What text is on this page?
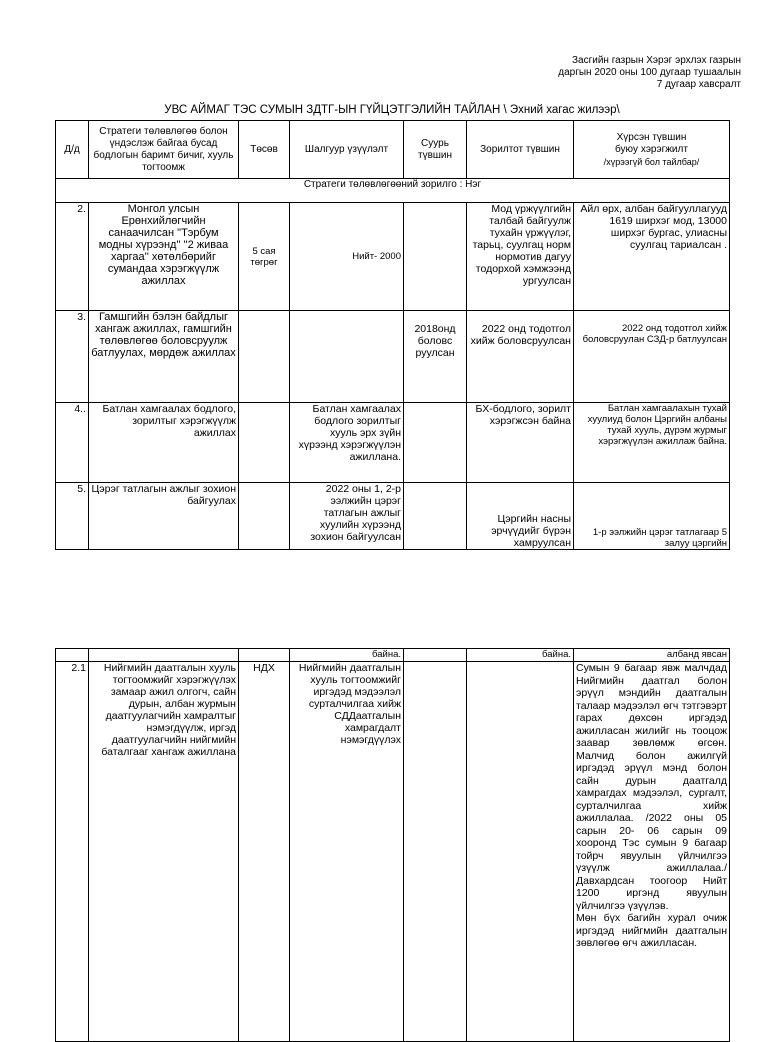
Засгийн газрын Хэрэг эрхлэх газрын
даргын 2020 оны 100 дугаар тушаалын
7 дугаар хавсралт
УВС АЙМАГ ТЭС СУМЫН ЗДТГ-ЫН ГҮЙЦЭТГЭЛИЙН ТАЙЛАН \ Эхний хагас жилээр\
Д/д	Стратеги төлөвлөгөө болон үндэслэж байгаа бусад бодлогын баримт бичиг, хууль тогтоомж	Төсөв	Шалгуур үзүүлэлт	Суурь түвшин	Зорилтот түвшин	Хүрсэн түвшин
буюу хэрэгжилт
/хүрээгүй бол тайлбар/

Стратеги төлөвлөгөөний зорилго : Нэг						
2.	Монгол улсын Ерөнхийлөгчийн санаачилсан "Тэрбум модны хүрээнд" ''2 живаа харгаа'' хөтөлбөрийг сумандаа хэрэгжүүлж ажиллах	5 сая төгрөг	Нийт- 2000		Мод үржүүлгийн талбай байгуулж тухайн үржүүлэг, тарьц, суулгац норм нормотив дагуу тодорхой хэмжээнд ургуулсан	Айл өрх, албан байгууллагууд 1619 ширхэг мод, 13000 ширхэг бургас, улиасны суулгац тариалсан .
3.	Гамшгийн бэлэн байдлыг хангаж ажиллах, гамшгийн төлөвлөгөө боловсруулж батлуулах, мөрдөж ажиллах			2018онд боловс руулсан	2022 онд тодотгол хийж боловсруулсан	2022 онд тодотгол хийж боловсруулан СЗД-р батлуулсан
4..	Батлан хамгаалах бодлого, зорилтыг хэрэгжүүлж ажиллах		Батлан хамгаалах бодлого зорилтыг хууль эрх зүйн хүрээнд хэрэгжүүлэн ажиллана.		БХ-бодлого, зорилт хэрэгжсэн байна	Батлан хамгаалахын тухай хуулиуд болон Цэргийн албаны тухай хууль, дүрэм журмыг хэрэгжүүлэн ажиллаж байна.
5.	Цэрэг татлагын ажлыг зохион байгуулах		2022 оны 1, 2-р ээлжийн цэрэг татлагын ажлыг хуулийн хүрээнд зохион байгуулсан		Цэргийн насны эрчүүдийг бүрэн хамруулсан	1-р ээлжийн цэрэг татлагаар 5 залуу цэргийн
			байна.		байна.	албанд явсан
2.1	Нийгмийн даатгалын хууль тогтоомжийг хэрэгжүүлэх замаар ажил олгогч, сайн дурын, албан журмын даатгуулагчийн хамралтыг нэмэгдүүлж, иргэд даатгуулагчийн нийгмийн баталгааг хангаж ажиллана	НДХ	Нийгмийн даатгалын хууль тогтоомжийг иргэдэд мэдээлэл сурталчилгаа хийж СДДаатгалын хамрагдалт нэмэгдүүлэх			Сумын 9 багаар явж малчдад Нийгмийн даатгал болон эрүүл мэндийн даатгалын талаар мэдээлэл өгч тэтгэвэрт гарах дөхсөн иргэдэд ажилласан жилийг нь тооцож заавар зөвлөмж өгсөн. Малчид болон ажилгүй иргэдэд эрүүл мэнд болон сайн дурын даатгалд хамрагдах мэдээлэл, сургалт, сурталчилгаа хийж ажиллалаа. /2022 оны 05 сарын 20- 06 сарын 09 хооронд Тэс сумын 9 багаар тойрч явуулын үйлчилгээ үзүүлж ажиллалаа./ Давхардсан тоогоор Нийт 1200 иргэнд явуулын үйлчилгээ үзүүлэв.
Мөн бүх багийн хурал очиж иргэдэд нийгмийн даатгалын зөвлөгөө өгч ажилласан.
